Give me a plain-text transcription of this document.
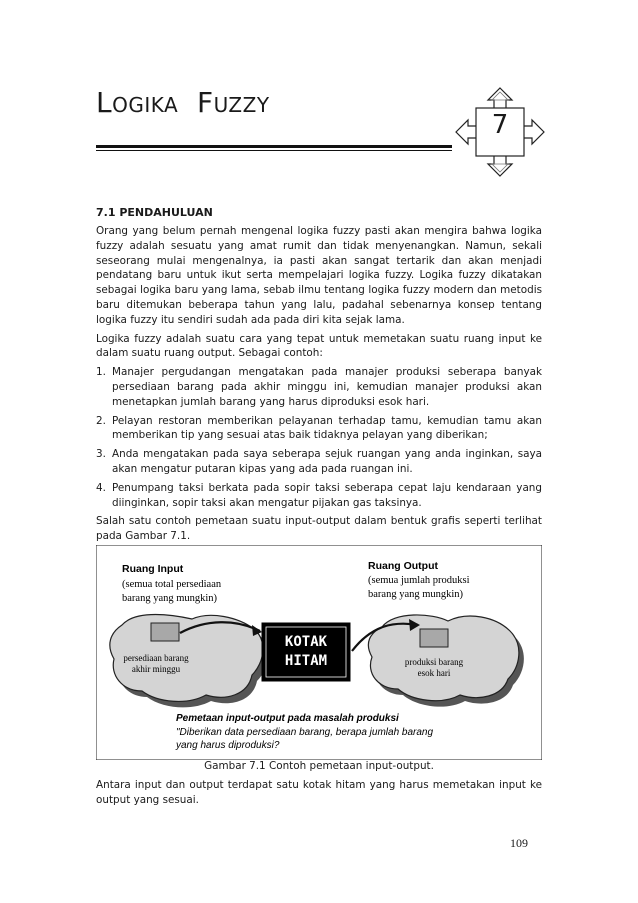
LOGIKA FUZZY
7
7.1 PENDAHULUAN

Orang yang belum pernah mengenal logika fuzzy pasti akan mengira bahwa logika fuzzy adalah sesuatu yang amat rumit dan tidak menyenangkan. Namun, sekali seseorang mulai mengenalnya, ia pasti akan sangat tertarik dan akan menjadi pendatang baru untuk ikut serta mempelajari logika fuzzy. Logika fuzzy dikatakan sebagai logika baru yang lama, sebab ilmu tentang logika fuzzy modern dan metodis baru ditemukan beberapa tahun yang lalu, padahal sebenarnya konsep tentang logika fuzzy itu sendiri sudah ada pada diri kita sejak lama.

Logika fuzzy adalah suatu cara yang tepat untuk memetakan suatu ruang input ke dalam suatu ruang output. Sebagai contoh:

1. Manajer pergudangan mengatakan pada manajer produksi seberapa banyak persediaan barang pada akhir minggu ini, kemudian manajer produksi akan menetapkan jumlah barang yang harus diproduksi esok hari.
2. Pelayan restoran memberikan pelayanan terhadap tamu, kemudian tamu akan memberikan tip yang sesuai atas baik tidaknya pelayan yang diberikan;
3. Anda mengatakan pada saya seberapa sejuk ruangan yang anda inginkan, saya akan mengatur putaran kipas yang ada pada ruangan ini.
4. Penumpang taksi berkata pada sopir taksi seberapa cepat laju kendaraan yang diinginkan, sopir taksi akan mengatur pijakan gas taksinya.

Salah satu contoh pemetaan suatu input-output dalam bentuk grafis seperti terlihat pada Gambar 7.1.

KOTAK
HITAM
Ruang Input
(semua total persediaan
barang yang mungkin)
Ruang Output
(semua jumlah produksi
barang yang mungkin)
persediaan barang
akhir minggu
produksi barang
esok hari
Pemetaan input-output pada masalah produksi
"Diberikan data persediaan barang, berapa jumlah barang
yang harus diproduksi?
Gambar 7.1 Contoh pemetaan input-output.
Antara input dan output terdapat satu kotak hitam yang harus memetakan input ke output yang sesuai.
109
